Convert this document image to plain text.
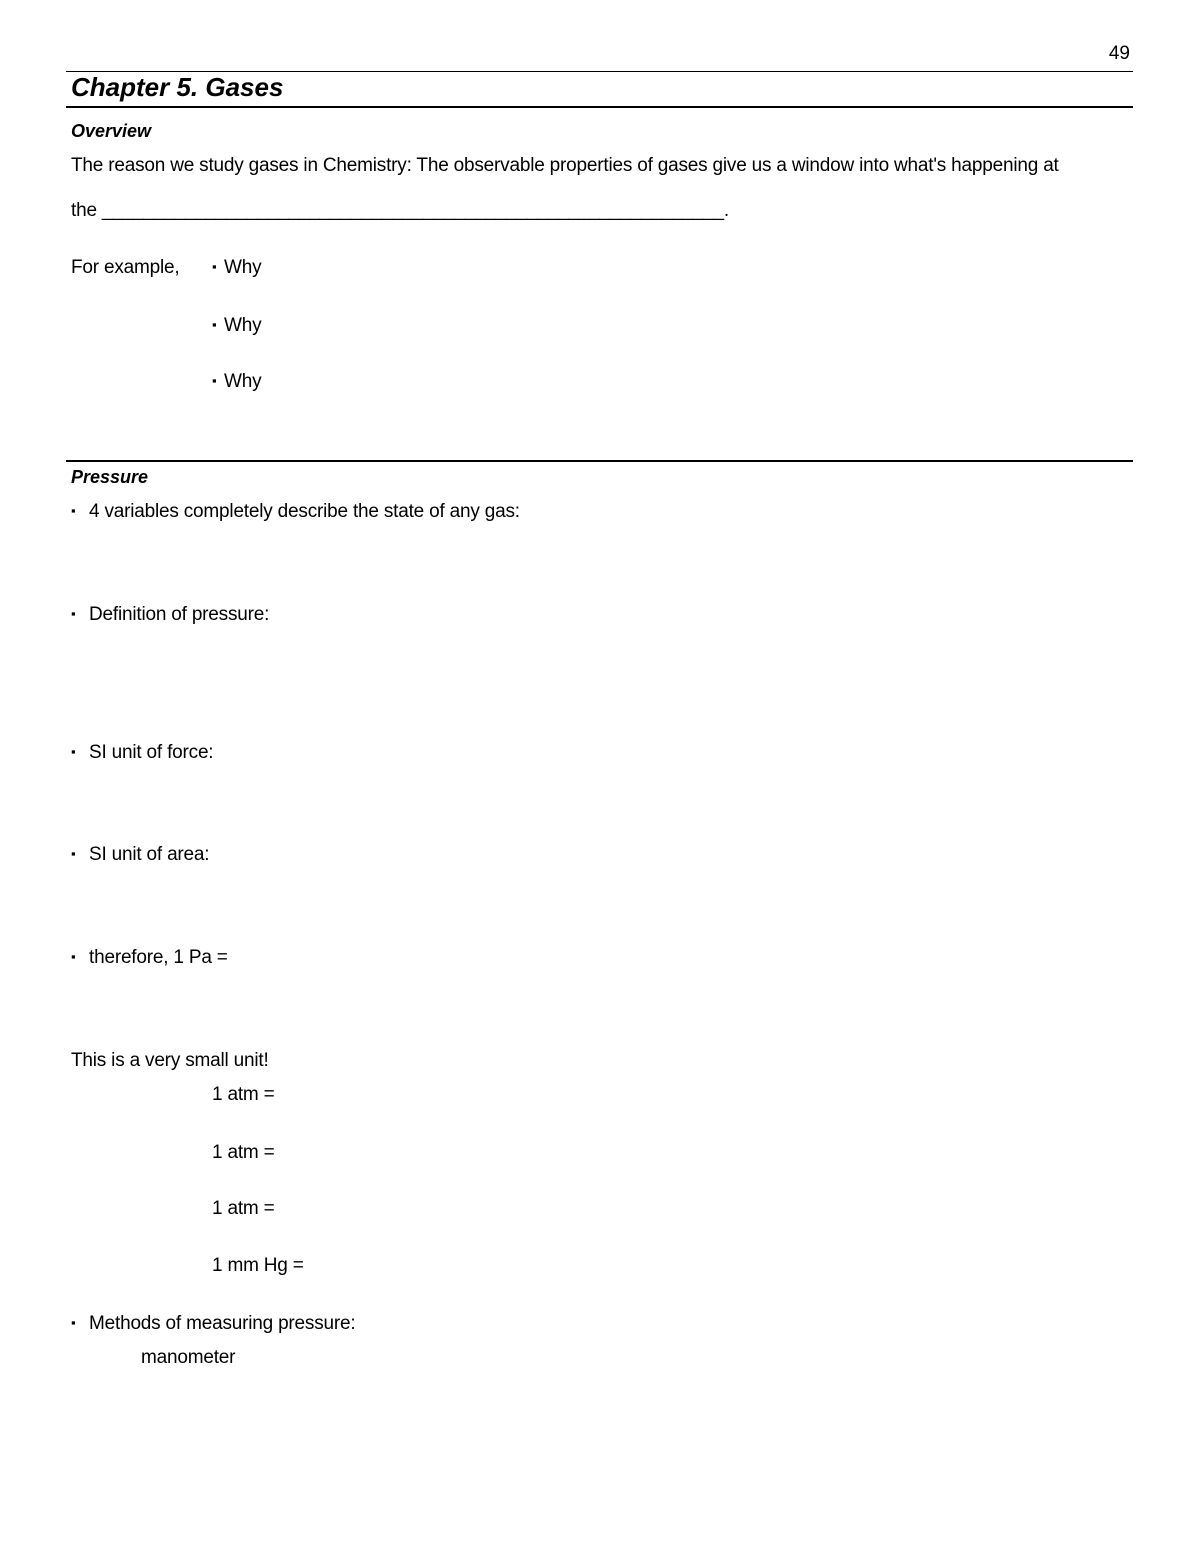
49
Chapter 5. Gases
Overview
The reason we study gases in Chemistry: The observable properties of gases give us a window into what's happening at
the ____________________________________________________________.
For example,	▪ Why
▪ Why
▪ Why
Pressure
▪ 4 variables completely describe the state of any gas:
▪ Definition of pressure:
▪ SI unit of force:
▪ SI unit of area:
▪ therefore, 1 Pa =
This is a very small unit!
1 atm =
1 atm =
1 atm =
1 mm Hg =
▪ Methods of measuring pressure:
manometer
